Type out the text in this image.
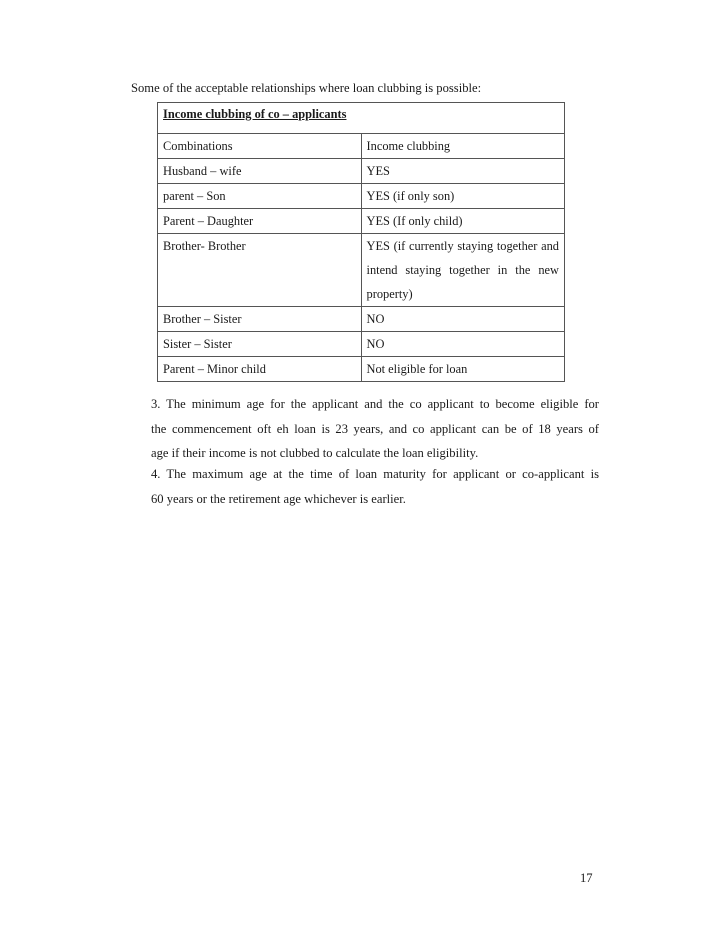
Some of the acceptable relationships where loan clubbing is possible:
Income clubbing of co – applicants	
Combinations	Income clubbing
Husband – wife	YES
parent – Son	YES (if only son)
Parent – Daughter	YES (If only child)
Brother- Brother	YES (if currently staying together and
intend staying together in the new
property)

Brother – Sister	NO
Sister – Sister	NO
Parent – Minor child	Not eligible for loan
3. The minimum age for the applicant and the co applicant to become eligible for
the commencement oft eh loan is 23 years, and co applicant can be of 18 years of
age if their income is not clubbed to calculate the loan eligibility.
4. The maximum age at the time of loan maturity for applicant or co-applicant is
60 years or the retirement age whichever is earlier.
17
